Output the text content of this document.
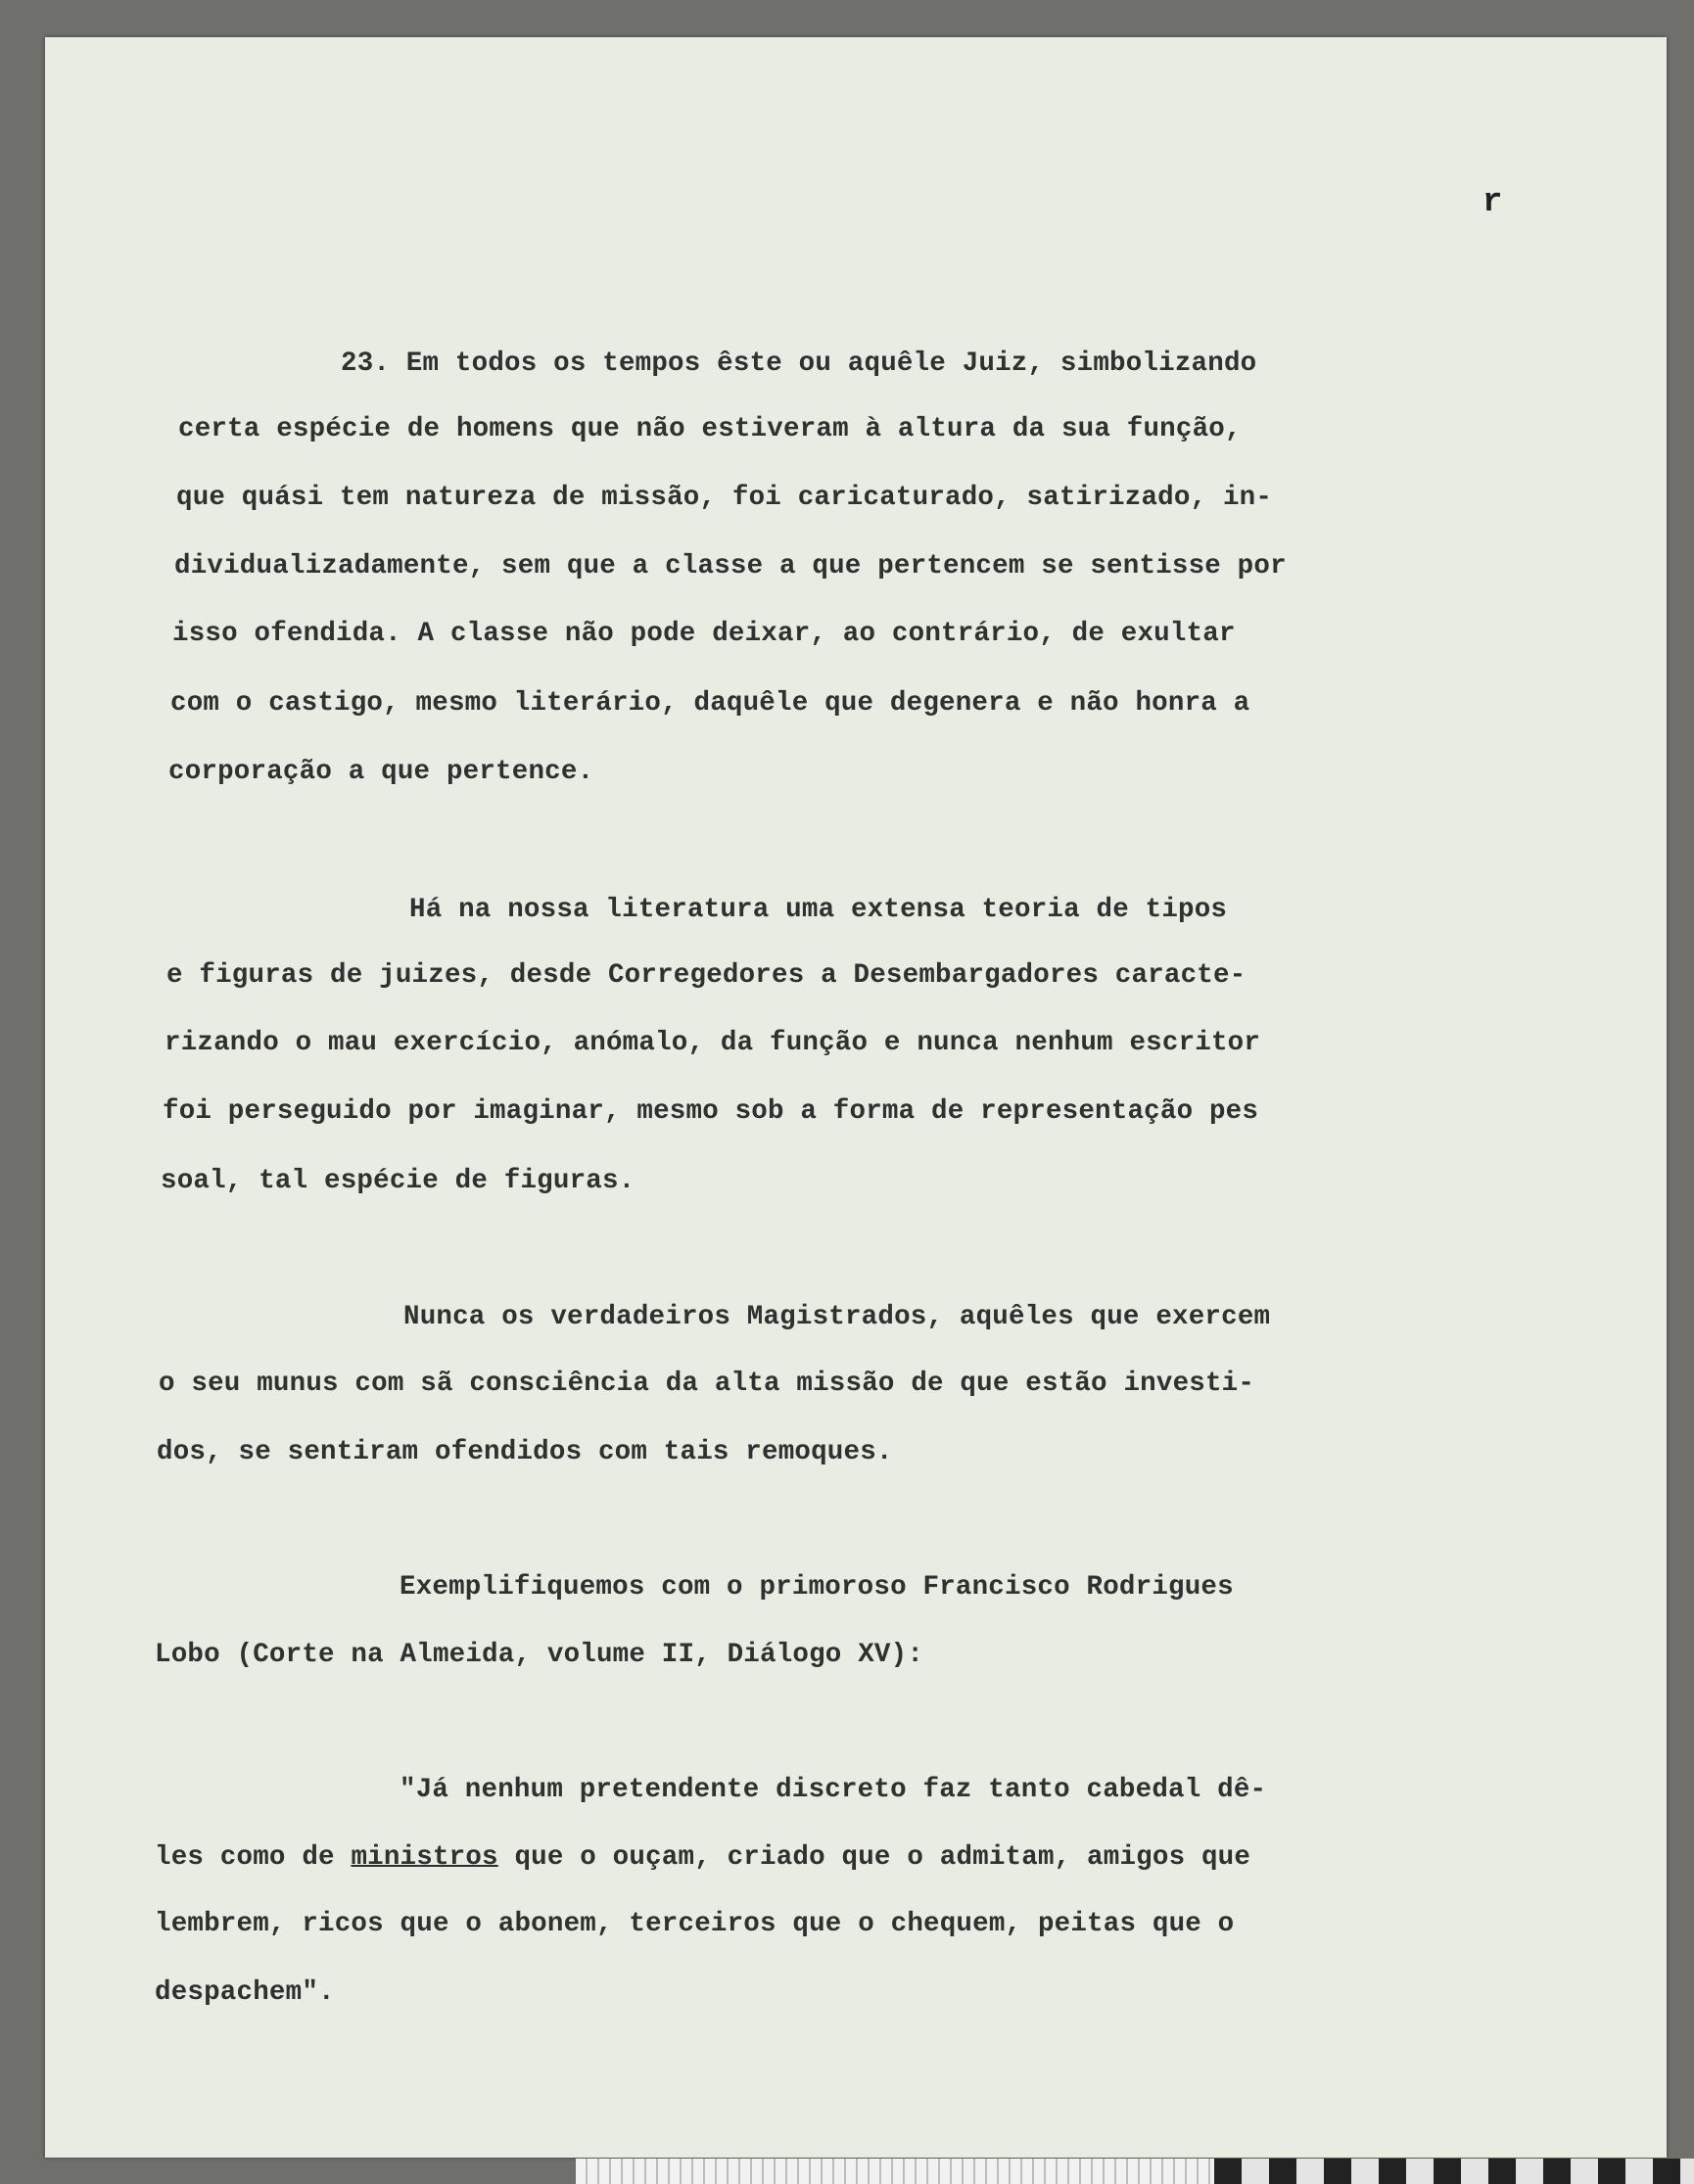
r
23. Em todos os tempos êste ou aquêle Juiz, simbolizando
certa espécie de homens que não estiveram à altura da sua função,
que quási tem natureza de missão, foi caricaturado, satirizado, in-
dividualizadamente, sem que a classe a que pertencem se sentisse por
isso ofendida. A classe não pode deixar, ao contrário, de exultar
com o castigo, mesmo literário, daquêle que degenera e não honra a
corporação a que pertence.
Há na nossa literatura uma extensa teoria de tipos
e figuras de juizes, desde Corregedores a Desembargadores caracte-
rizando o mau exercício, anómalo, da função e nunca nenhum escritor
foi perseguido por imaginar, mesmo sob a forma de representação pes
soal, tal espécie de figuras.
Nunca os verdadeiros Magistrados, aquêles que exercem
o seu munus com sã consciência da alta missão de que estão investi-
dos, se sentiram ofendidos com tais remoques.
Exemplifiquemos com o primoroso Francisco Rodrigues
Lobo (Corte na Almeida, volume II, Diálogo XV):
"Já nenhum pretendente discreto faz tanto cabedal dê-
les como de ministros que o ouçam, criado que o admitam, amigos que
lembrem, ricos que o abonem, terceiros que o chequem, peitas que o
despachem".
